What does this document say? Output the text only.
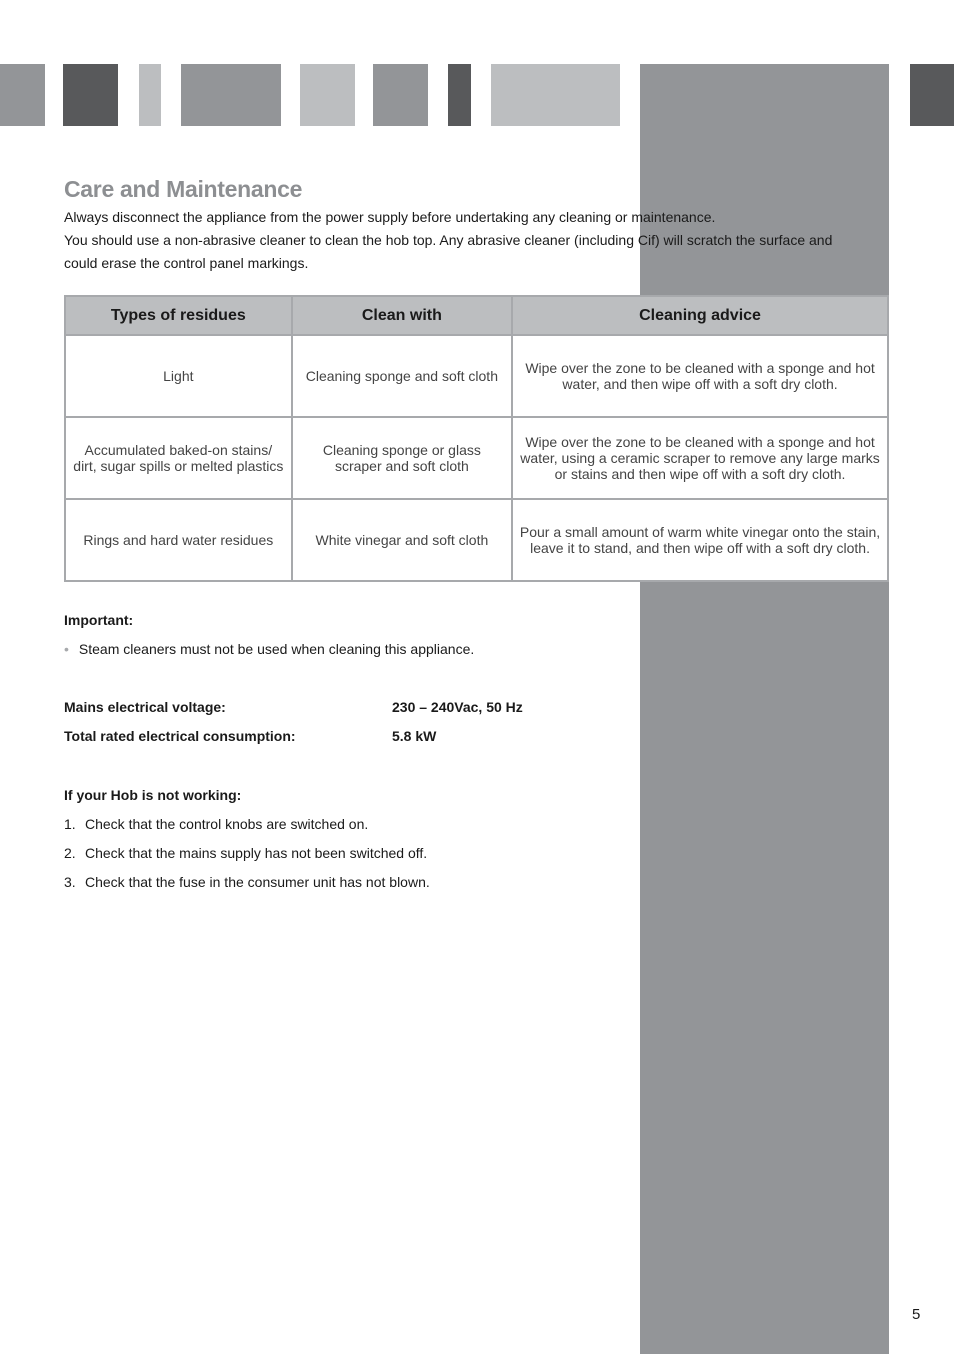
Care and Maintenance

Always disconnect the appliance from the power supply before undertaking any cleaning or maintenance.

You should use a non-abrasive cleaner to clean the hob top. Any abrasive cleaner (including Cif) will scratch the surface and could erase the control panel markings.

Types of residues	Clean with	Cleaning advice
Light	Cleaning sponge and soft cloth	Wipe over the zone to be cleaned with a sponge and hot water, and then wipe off with a soft dry cloth.
Accumulated baked-on stains/ dirt, sugar spills or melted plastics	Cleaning sponge or glass scraper and soft cloth	Wipe over the zone to be cleaned with a sponge and hot water, using a ceramic scraper to remove any large marks or stains and then wipe off with a soft dry cloth.
Rings and hard water residues	White vinegar and soft cloth	Pour a small amount of warm white vinegar onto the stain, leave it to stand, and then wipe off with a soft dry cloth.
Important:
• Steam cleaners must not be used when cleaning this appliance.
Mains electrical voltage:	230 – 240Vac, 50 Hz
Total rated electrical consumption:	5.8 kW
If your Hob is not working:
1. Check that the control knobs are switched on.
2. Check that the mains supply has not been switched off.
3. Check that the fuse in the consumer unit has not blown.
5
